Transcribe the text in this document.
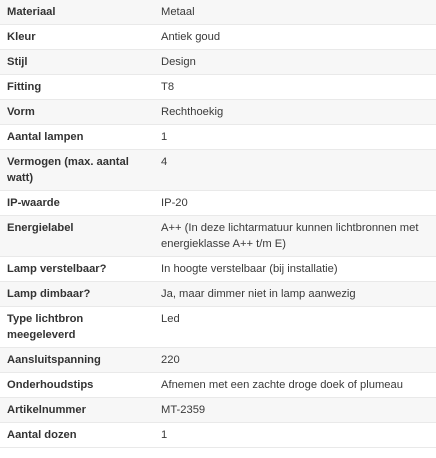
Materiaal	Metaal
Kleur	Antiek goud
Stijl	Design
Fitting	T8
Vorm	Rechthoekig
Aantal lampen	1
Vermogen (max. aantal watt)	4
IP-waarde	IP-20
Energielabel	A++ (In deze lichtarmatuur kunnen lichtbronnen met energieklasse A++ t/m E)
Lamp verstelbaar?	In hoogte verstelbaar (bij installatie)
Lamp dimbaar?	Ja, maar dimmer niet in lamp aanwezig
Type lichtbron meegeleverd	Led
Aansluitspanning	220
Onderhoudstips	Afnemen met een zachte droge doek of plumeau
Artikelnummer	MT-2359
Aantal dozen	1
